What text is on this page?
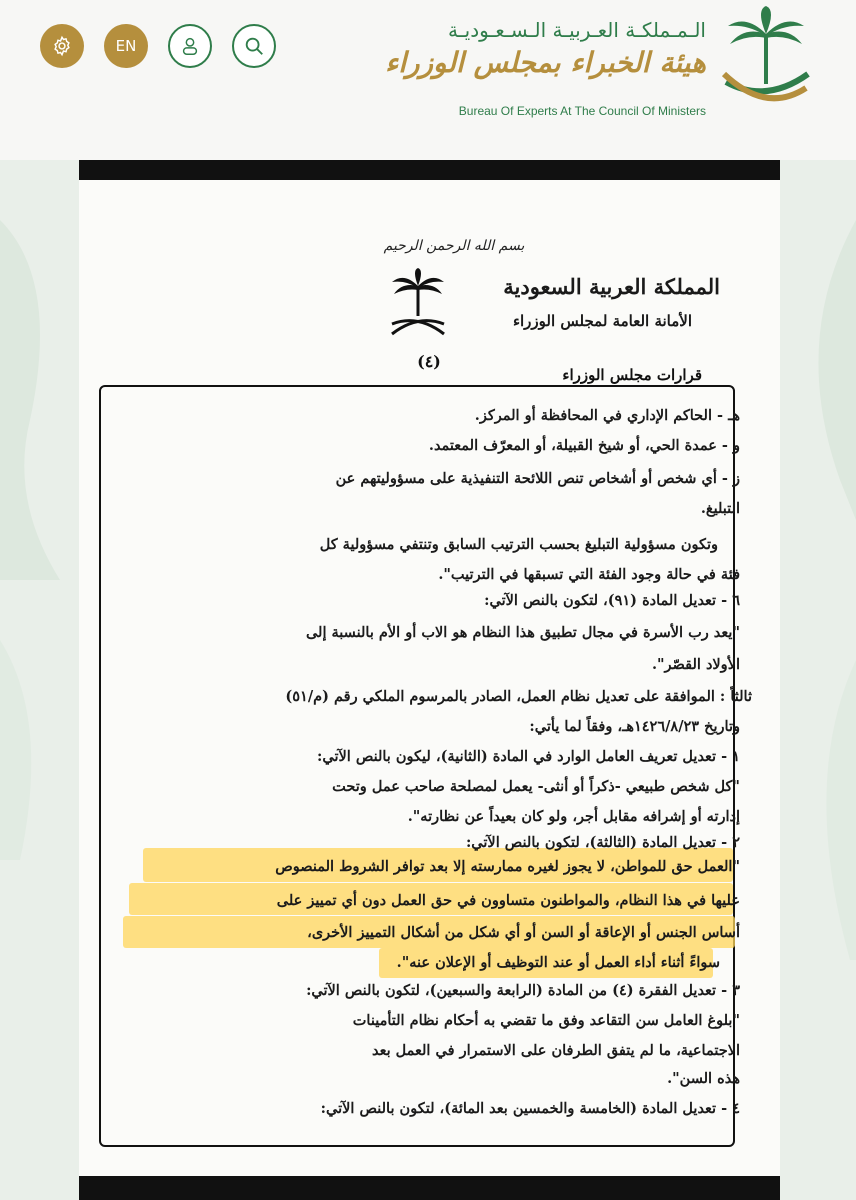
EN
الـمـملكـة العـربيـة الـسـعـوديـة
هيئة الخبراء بمجلس الوزراء
Bureau Of Experts At The Council Of Ministers
بسم الله الرحمن الرحيم
المملكة العربية السعودية
الأمانة العامة لمجلس الوزراء
(٤)
قرارات مجلس الوزراء
هـ - الحاكم الإداري في المحافظة أو المركز.
و - عمدة الحي، أو شيخ القبيلة، أو المعرّف المعتمد.
ز - أي شخص أو أشخاص تنص اللائحة التنفيذية على مسؤوليتهم عن
التبليغ.
وتكون مسؤولية التبليغ بحسب الترتيب السابق وتنتفي مسؤولية كل
فئة في حالة وجود الفئة التي تسبقها في الترتيب".
٦ - تعديل المادة (٩١)، لتكون بالنص الآتي:
"يعد رب الأسرة في مجال تطبيق هذا النظام هو الاب أو الأم بالنسبة إلى
الأولاد القصّر".
ثالثاً : الموافقة على تعديل نظام العمل، الصادر بالمرسوم الملكي رقم (م/٥١)
وتاريخ ١٤٢٦/٨/٢٣هـ، وفقاً لما يأتي:
١ - تعديل تعريف العامل الوارد في المادة (الثانية)، ليكون بالنص الآتي:
"كل شخص طبيعي -ذكراً أو أنثى- يعمل لمصلحة صاحب عمل وتحت
إدارته أو إشرافه مقابل أجر، ولو كان بعيداً عن نظارته".
٢ - تعديل المادة (الثالثة)، لتكون بالنص الآتي:
"العمل حق للمواطن، لا يجوز لغيره ممارسته إلا بعد توافر الشروط المنصوص
عليها في هذا النظام، والمواطنون متساوون في حق العمل دون أي تمييز على
أساس الجنس أو الإعاقة أو السن أو أي شكل من أشكال التمييز الأخرى،
سواءً أثناء أداء العمل أو عند التوظيف أو الإعلان عنه".
٣ - تعديل الفقرة (٤) من المادة (الرابعة والسبعين)، لتكون بالنص الآتي:
"بلوغ العامل سن التقاعد وفق ما تقضي به أحكام نظام التأمينات
الاجتماعية، ما لم يتفق الطرفان على الاستمرار في العمل بعد
هذه السن".
٤ - تعديل المادة (الخامسة والخمسين بعد المائة)، لتكون بالنص الآتي:
